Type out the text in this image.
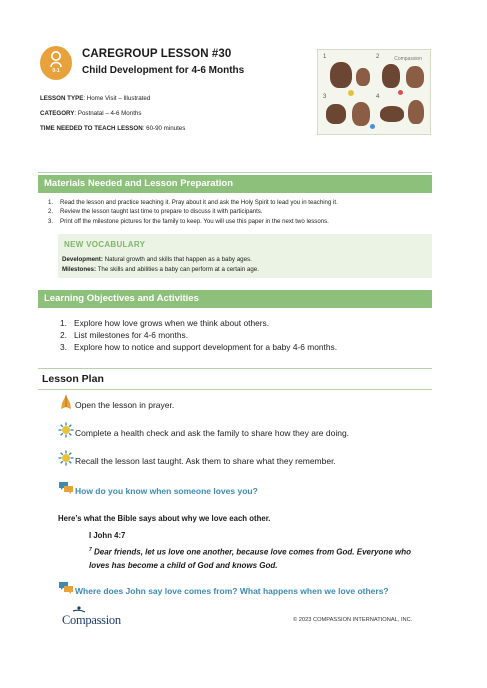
0-1
CAREGROUP LESSON #30
Child Development for 4-6 Months
Compassion
1	2
3	4
LESSON TYPE: Home Visit – Illustrated
CATEGORY: Postnatal – 4-6 Months
TIME NEEDED TO TEACH LESSON: 60-90 minutes
Materials Needed and Lesson Preparation
1. Read the lesson and practice teaching it. Pray about it and ask the Holy Spirit to lead you in teaching it.
2. Review the lesson taught last time to prepare to discuss it with participants.
3. Print off the milestone pictures for the family to keep. You will use this paper in the next two lessons.
NEW VOCABULARY
Development: Natural growth and skills that happen as a baby ages.
Milestones: The skills and abilities a baby can perform at a certain age.
Learning Objectives and Activities
1. Explore how love grows when we think about others.
2. List milestones for 4-6 months.
3. Explore how to notice and support development for a baby 4-6 months.
Lesson Plan
Open the lesson in prayer.
Complete a health check and ask the family to share how they are doing.
Recall the lesson last taught. Ask them to share what they remember.
How do you know when someone loves you?
Here’s what the Bible says about why we love each other.
I John 4:7
$^7$ Dear friends, let us love one another, because love comes from God. Everyone who loves has become a child of God and knows God.
Where does John say love comes from? What happens when we love others?
Compassion	© 2023 COMPASSION INTERNATIONAL, INC.
